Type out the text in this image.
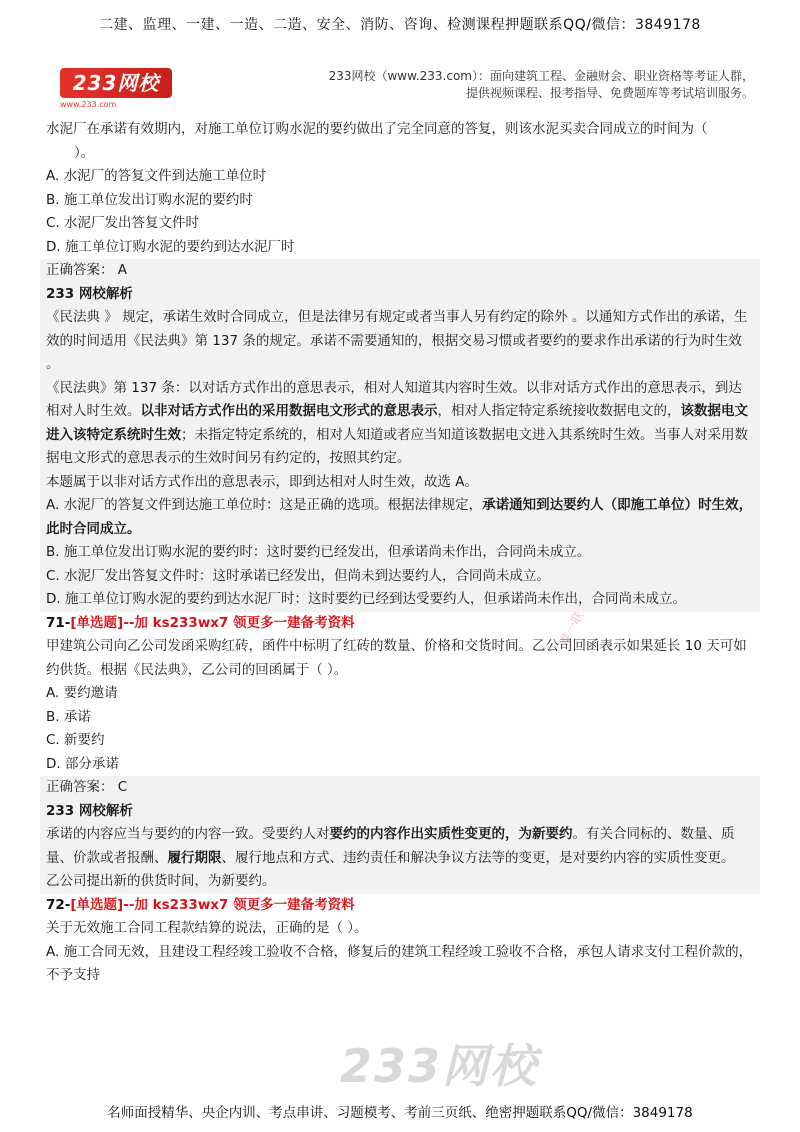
二建、监理、一建、一造、二造、安全、消防、咨询、检测课程押题联系QQ/微信：3849178
233网校
www.233.com
233网校（www.233.com）：面向建筑工程、金融财会、职业资格等考证人群，
提供视频课程、报考指导、免费题库等考试培训服务。

水泥厂在承诺有效期内，对施工单位订购水泥的要约做出了完全同意的答复，则该水泥买卖合同成立的时间为（

）。

A. 水泥厂的答复文件到达施工单位时

B. 施工单位发出订购水泥的要约时

C. 水泥厂发出答复文件时

D. 施工单位订购水泥的要约到达水泥厂时

正确答案： A

233 网校解析

《民法典 》 规定，承诺生效时合同成立，但是法律另有规定或者当事人另有约定的除外 。以通知方式作出的承诺，生效的时间适用《民法典》第 137 条的规定。承诺不需要通知的，根据交易习惯或者要约的要求作出承诺的行为时生效 。

《民法典》第 137 条：以对话方式作出的意思表示，相对人知道其内容时生效。以非对话方式作出的意思表示，到达相对人时生效。以非对话方式作出的采用数据电文形式的意思表示，相对人指定特定系统接收数据电文的，该数据电文进入该特定系统时生效；未指定特定系统的，相对人知道或者应当知道该数据电文进入其系统时生效。当事人对采用数据电文形式的意思表示的生效时间另有约定的，按照其约定。

本题属于以非对话方式作出的意思表示，即到达相对人时生效，故选 A。

A. 水泥厂的答复文件到达施工单位时：这是正确的选项。根据法律规定，承诺通知到达要约人（即施工单位）时生效，此时合同成立。

B. 施工单位发出订购水泥的要约时：这时要约已经发出，但承诺尚未作出，合同尚未成立。

C. 水泥厂发出答复文件时：这时承诺已经发出，但尚未到达要约人，合同尚未成立。

D. 施工单位订购水泥的要约到达水泥厂时：这时要约已经到达受要约人，但承诺尚未作出，合同尚未成立。

71-[单选题]--加 ks233wx7 领更多一建备考资料

甲建筑公司向乙公司发函采购红砖，函件中标明了红砖的数量、价格和交货时间。乙公司回函表示如果延长 10 天可如约供货。根据《民法典》，乙公司的回函属于（ ）。

A. 要约邀请

B. 承诺

C. 新要约

D. 部分承诺

正确答案： C

233 网校解析

承诺的内容应当与要约的内容一致。受要约人对要约的内容作出实质性变更的，为新要约。有关合同标的、数量、质量、价款或者报酬、履行期限、履行地点和方式、违约责任和解决争议方法等的变更，是对要约内容的实质性变更。

乙公司提出新的供货时间，为新要约。

72-[单选题]--加 ks233wx7 领更多一建备考资料

关于无效施工合同工程款结算的说法，正确的是（ ）。

A. 施工合同无效，且建设工程经竣工验收不合格，修复后的建筑工程经竣工验收不合格，承包人请求支付工程价款的，不予支持

233网校
名师面授精华、央企内训、考点串讲、习题模考、考前三页纸、绝密押题联系QQ/微信：3849178
